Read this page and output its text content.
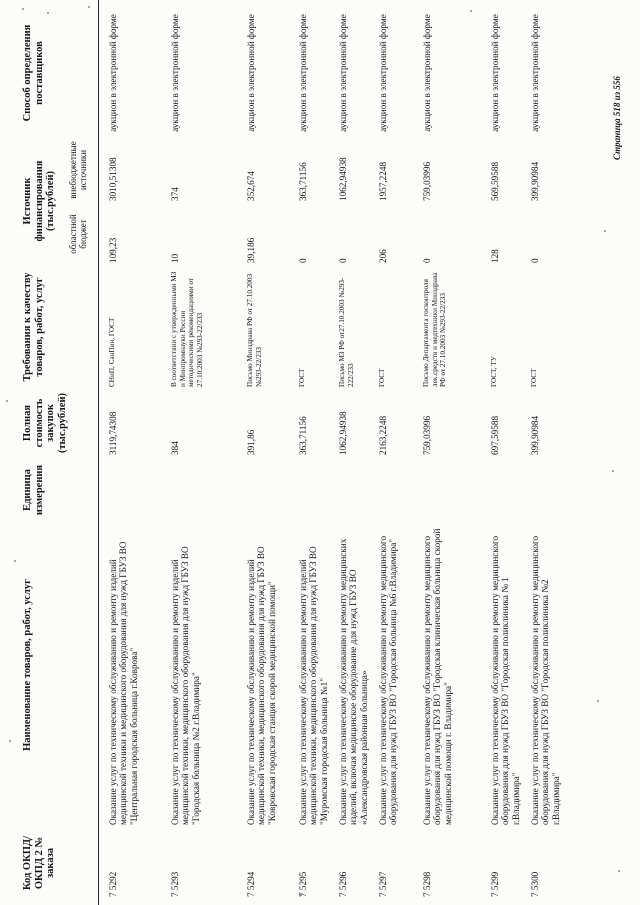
Код ОКПД/ ОКПД 2 № заказа
Наименование товаров, работ, услуг
Единица измерения
Полная стоимость закупок (тыс.рублей)
Требования к качеству товаров, работ, услуг
Источник финансирования (тыс.рублей)
областной бюджет
внебюджетные источники
Способ определения поставщиков
7 5292
Оказание услуг по техническому обслуживанию и ремонту изделий медицинской техники и медицинского оборудования для нужд ГБУЗ ВО "Центральная городская больница г.Коврова"
3119,74308
СНиП, СанПин, ГОСТ
109,23
3010,51308
аукцион в электронной форме
7 5293
Оказание услуг по техническому обслуживанию и ремонту изделий медицинской техники, медицинского оборудования для нужд ГБУЗ ВО "Городская больница №2 г.Владимира"
384
В соответствии с утвержденными МЗ и Минпромнауки России методическими рекомендациями от 27.10.2003 №293-22/233
10
374
аукцион в электронной форме
7 5294
Оказание услуг по техническому обслуживанию и ремонту изделий медицинской техники, медицинского оборудования для нужд ГБУЗ ВО "Ковровская городская станция скорой медицинской помощи"
391,86
Письмо Минздрава РФ от 27.10.2003 №293-22/233
39,186
352,674
аукцион в электронной форме
7 5295
Оказание услуг по техническому обслуживанию и ремонту изделий медицинской техники, медицинского оборудования для нужд ГБУЗ ВО "Муромская городская больница №1"
363,71156
ГОСТ
0
363,71156
аукцион в электронной форме
7 5296
Оказание услуг по техническому обслуживанию и ремонту медицинских изделий, включая медицинское оборудование для нужд ГБУЗ ВО «Александровская районная больница»
1062,94938
Письмо МЗ РФ от27.10.2003 №293-222/233
0
1062,94938
аукцион в электронной форме
7 5297
Оказание услуг по техническому обслуживанию и ремонту медицинского оборудования для нужд ГБУЗ ВО "Городская больница №6 г.Владимира"
2163,2248
ГОСТ
206
1957,2248
аукцион в электронной форме
7 5298
Оказание услуг по техническому обслуживанию и ремонту медицинского оборудования для нужд ГБУЗ ВО "Городская клиническая больница скорой медицинской помощи г. Владимира"
759,03996
Письмо Департамента госконтроля лек.средств и медтехники Минздрава РФ от 27.10.2003 №293-22/233
0
759,03996
аукцион в электронной форме
7 5299
Оказание услуг по техническому обслуживанию и ремонту медицинского оборудования для нужд ГБУЗ ВО "Городская поликлиника № 1 г.Владимира"
697,59588
ГОСТ, ТУ
128
569,59588
аукцион в электронной форме
7 5300
Оказание услуг по техническому обслуживанию и ремонту медицинского оборудования для нужд ГБУЗ ВО "Городская поликлиника №2 г.Владимира"
399,90984
ГОСТ
0
399,90984
аукцион в электронной форме	Страница 518 из 556
